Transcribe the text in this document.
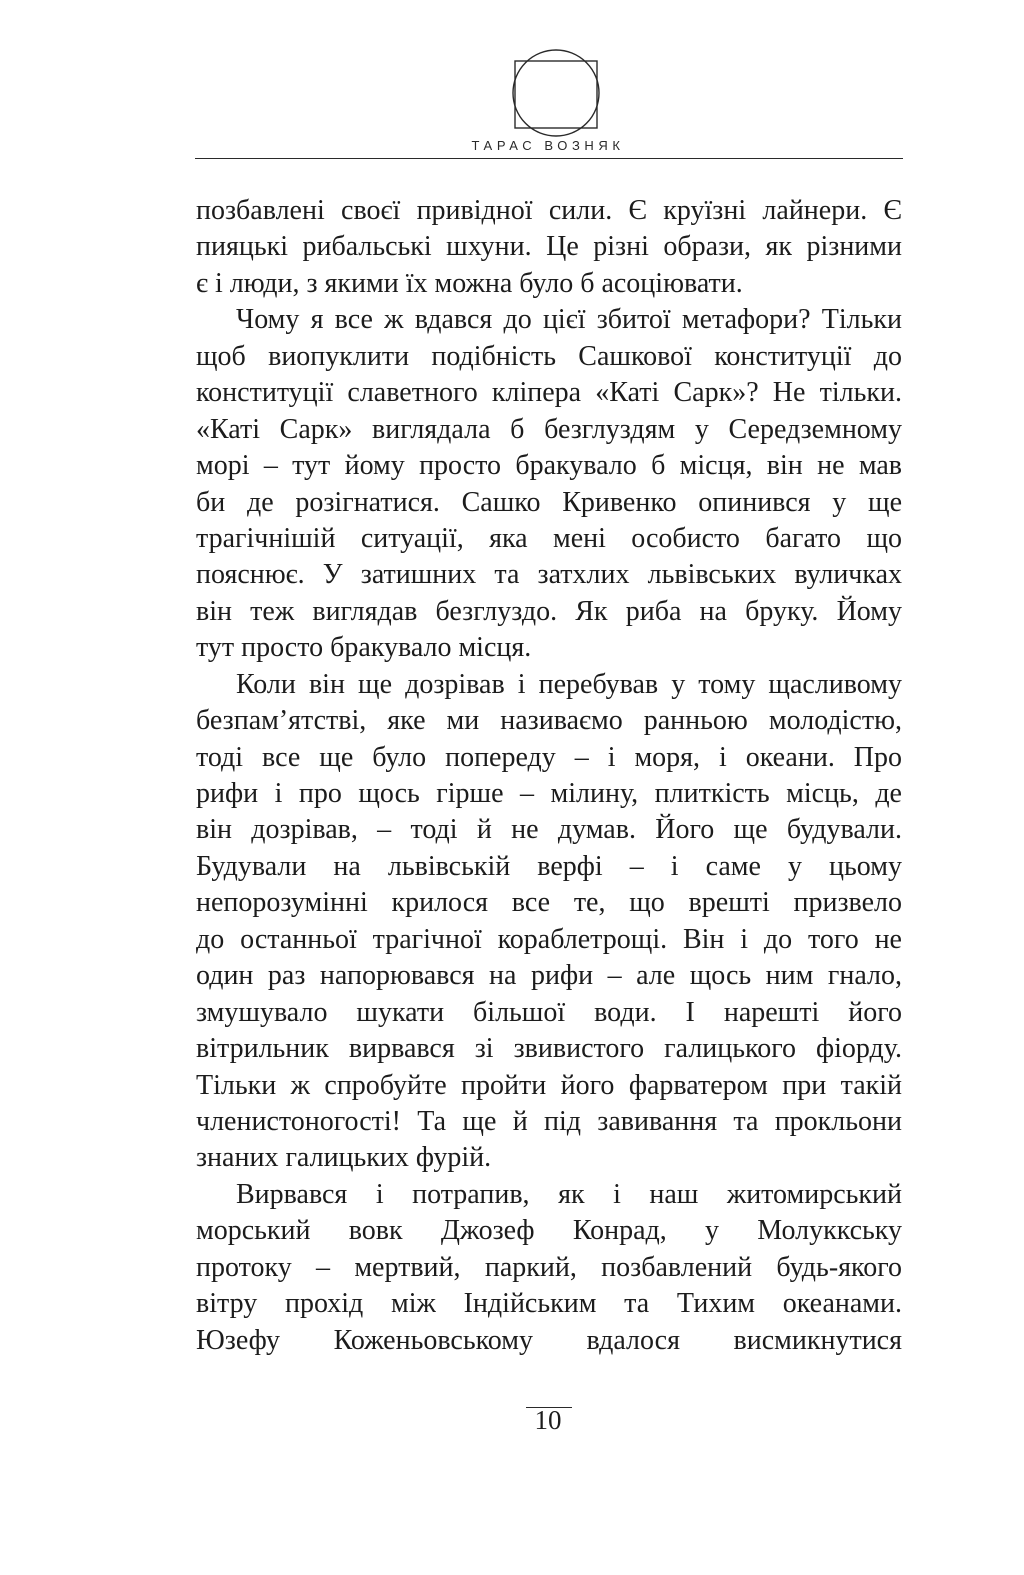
ТАРАС ВОЗНЯК
позбавлені своєї привідної сили. Є круїзні лайнери. Є
пияцькі рибальські шхуни. Це різні образи, як різними
є і люди, з якими їх можна було б асоціювати.
Чому я все ж вдався до цієї збитої метафори? Тільки
щоб виопуклити подібність Сашкової конституції до
конституції славетного кліпера «Каті Сарк»? Не тільки.
«Каті Сарк» виглядала б безглуздям у Середземному
морі – тут йому просто бракувало б місця, він не мав
би де розігнатися. Сашко Кривенко опинився у ще
трагічнішій ситуації, яка мені особисто багато що
пояснює. У затишних та затхлих львівських вуличках
він теж виглядав безглуздо. Як риба на бруку. Йому
тут просто бракувало місця.
Коли він ще дозрівав і перебував у тому щасливому
безпам’ятстві, яке ми називаємо ранньою молодістю,
тоді все ще було попереду – і моря, і океани. Про
рифи і про щось гірше – мілину, плиткість місць, де
він дозрівав, – тоді й не думав. Його ще будували.
Будували на львівській верфі – і саме у цьому
непорозумінні крилося все те, що врешті призвело
до останньої трагічної кораблетрощі. Він і до того не
один раз напорювався на рифи – але щось ним гнало,
змушувало шукати більшої води. І нарешті його
вітрильник вирвався зі звивистого галицького фіорду.
Тільки ж спробуйте пройти його фарватером при такій
членистоногості! Та ще й під завивання та прокльони
знаних галицьких фурій.
Вирвався і потрапив, як і наш житомирський
морський вовк Джозеф Конрад, у Молуккську
протоку – мертвий, паркий, позбавлений будь-якого
вітру прохід між Індійським та Тихим океанами.
Юзефу Коженьовському вдалося висмикнутися
10
